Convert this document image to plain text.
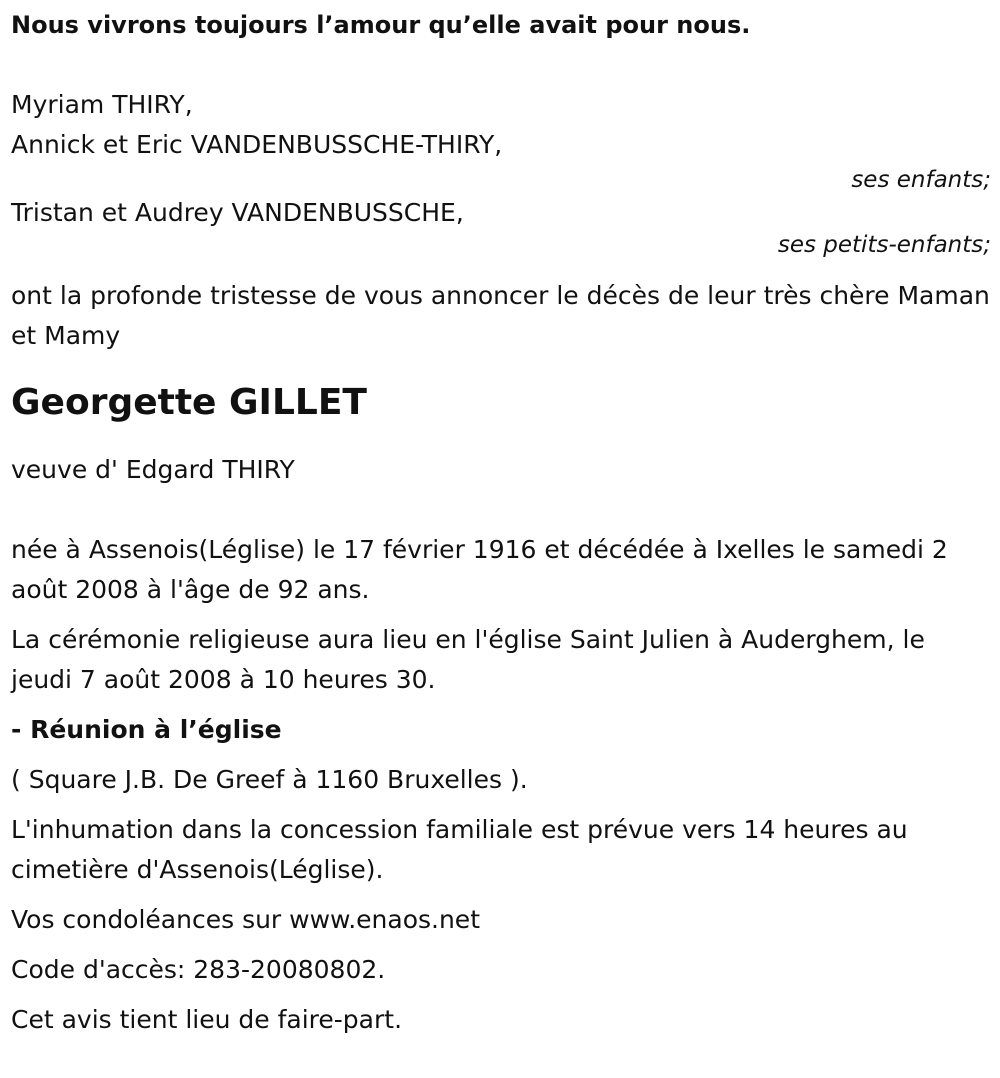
Nous vivrons toujours l’amour qu’elle avait pour nous.
Myriam THIRY,
Annick et Eric VANDENBUSSCHE-THIRY,
ses enfants;
Tristan et Audrey VANDENBUSSCHE,
ses petits-enfants;
ont la profonde tristesse de vous annoncer le décès de leur très chère Maman et Mamy
Georgette GILLET
veuve d' Edgard THIRY
née à Assenois(Léglise) le 17 février 1916 et décédée à Ixelles le samedi 2 août 2008 à l'âge de 92 ans.
La cérémonie religieuse aura lieu en l'église Saint Julien à Auderghem, le jeudi 7 août 2008 à 10 heures 30.
- Réunion à l’église
( Square J.B. De Greef à 1160 Bruxelles ).
L'inhumation dans la concession familiale est prévue vers 14 heures au cimetière d'Assenois(Léglise).
Vos condoléances sur www.enaos.net
Code d'accès: 283-20080802.
Cet avis tient lieu de faire-part.
